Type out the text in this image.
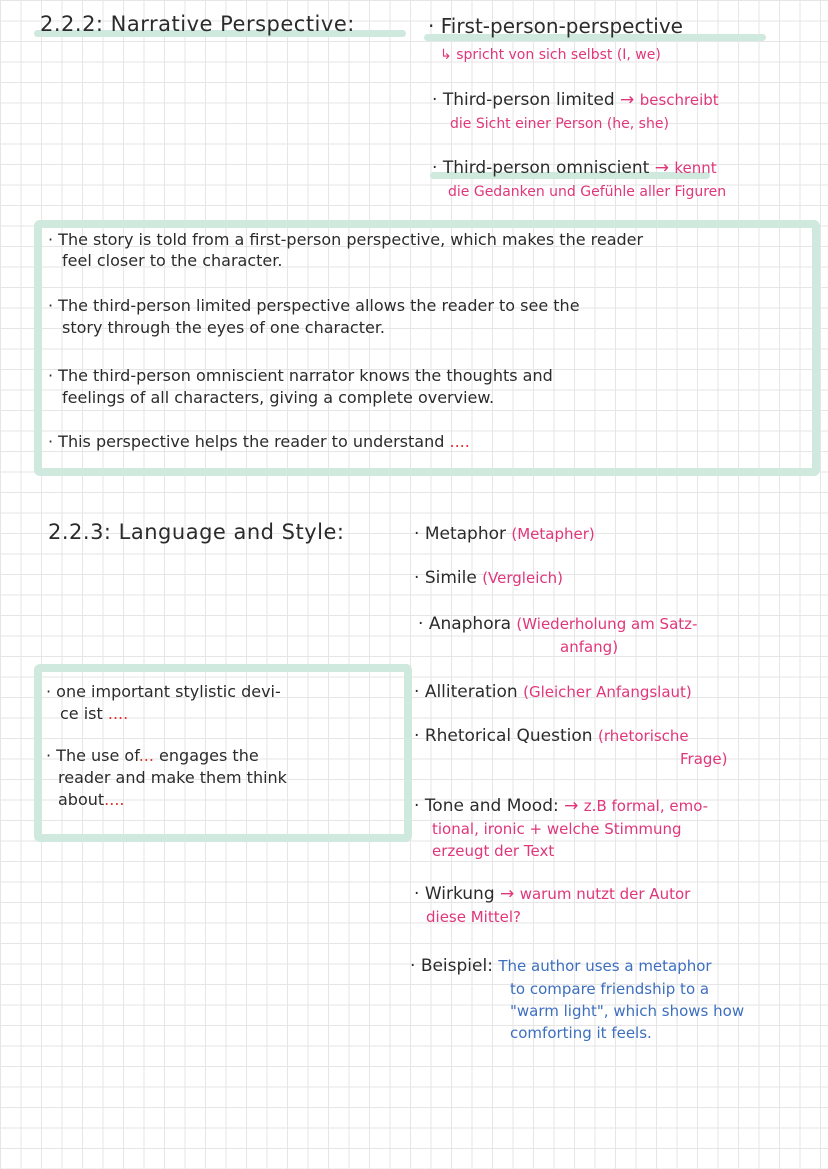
2.2.2: Narrative Perspective:	· First-person-perspective
↳ spricht von sich selbst (I, we)
· Third-person limited → beschreibt
die Sicht einer Person (he, she)
· Third-person omniscient → kennt
die Gedanken und Gefühle aller Figuren
· The story is told from a first-person perspective, which makes the reader
feel closer to the character.
· The third-person limited perspective allows the reader to see the
story through the eyes of one character.
· The third-person omniscient narrator knows the thoughts and
feelings of all characters, giving a complete overview.
· This perspective helps the reader to understand ....
2.2.3: Language and Style:	· Metaphor (Metapher)
· Simile (Vergleich)
· Anaphora (Wiederholung am Satz-
anfang)
· Alliteration (Gleicher Anfangslaut)
· Rhetorical Question (rhetorische
Frage)
· Tone and Mood: → z.B formal, emo-
tional, ironic + welche Stimmung
erzeugt der Text
· Wirkung → warum nutzt der Autor
diese Mittel?
· Beispiel: The author uses a metaphor
to compare friendship to a
"warm light", which shows how
comforting it feels.
· one important stylistic devi-
ce ist ....
· The use of... engages the
reader and make them think
about....
